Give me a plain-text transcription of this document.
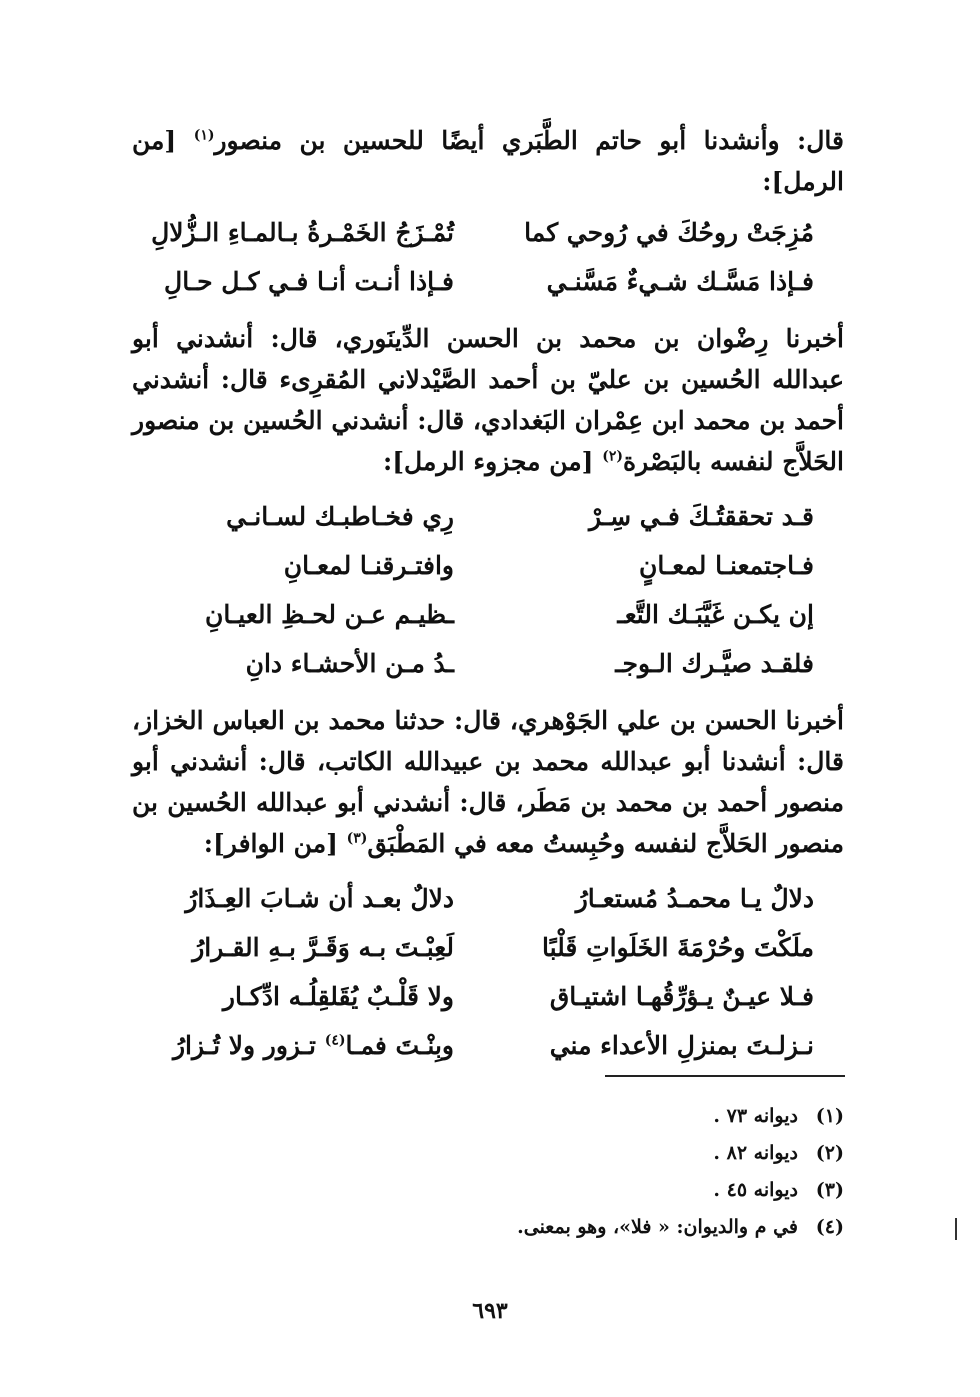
قال: وأنشدنا أبو حاتم الطَّبَري أيضًا للحسين بن منصور$^{(١)}$ [من الرمل]:
مُزِجَتْ روحُكَ في رُوحي كما
تُمْـزَجُ الخَمْـرةُ بـالمـاءِ الـزُّلالِ
فـإذا مَسَّـك شـيءٌ مَسَّنـي
فـإذا أنـت أنـا فـي كـل حـالِ
أخبرنا رِضْوان بن محمد بن الحسن الدِّينَوري، قال: أنشدني أبو عبدالله الحُسين بن عليّ بن أحمد الصَّيْدلاني المُقرِىء قال: أنشدني أحمد بن محمد ابن عِمْران البَغدادي، قال: أنشدني الحُسين بن منصور الحَلاَّج لنفسه بالبَصْرة$^{(٢)}$ [من مجزوء الرمل]:
قـد تحققتُـكَ فـي سِـرْ
رِي فخـاطبـك لسـانـي
فـاجتمعنـا لمعـانٍ
وافتـرقنـا لمعـانِ
إن يكـن غَيَّبَـك التَّعـ
ـظيـم عـن لحـظِ العيـانِ
فلقـد صيَّـرك الـوجـ
ـدُ مـن الأحشـاء دانِ
أخبرنا الحسن بن علي الجَوْهري، قال: حدثنا محمد بن العباس الخزاز، قال: أنشدنا أبو عبدالله محمد بن عبيدالله الكاتب، قال: أنشدني أبو منصور أحمد بن محمد بن مَطَر، قال: أنشدني أبو عبدالله الحُسين بن منصور الحَلاَّج لنفسه وحُبِستُ معه في المَطْبَق$^{(٣)}$ [من الوافر]:
دلالٌ يـا محمـدُ مُستعـارُ
دلالٌ بعـد أن شـابَ العِـذَارُ
ملَكْتَ وحُرْمَةَ الخَلَواتِ قَلْبًا
لَعِبْـتَ بـه وَقَـرَّ بـهِ القـرارُ
فـلا عيـنٌ يـؤرِّقُهـا اشتيـاق
ولا قَلْـبٌ يُقَلقِلُـه ادِّكـار
نـزلـتَ بمنزلِ الأعداء مني
وبِنْـتَ فمـا$^{(٤)}$ تـزور ولا تُـزارُ
(١)ديوانه ٧٣ .
(٢)ديوانه ٨٢ .
(٣)ديوانه ٤٥ .
(٤)في م والديوان: « فلا»، وهو بمعنى.
٦٩٣
